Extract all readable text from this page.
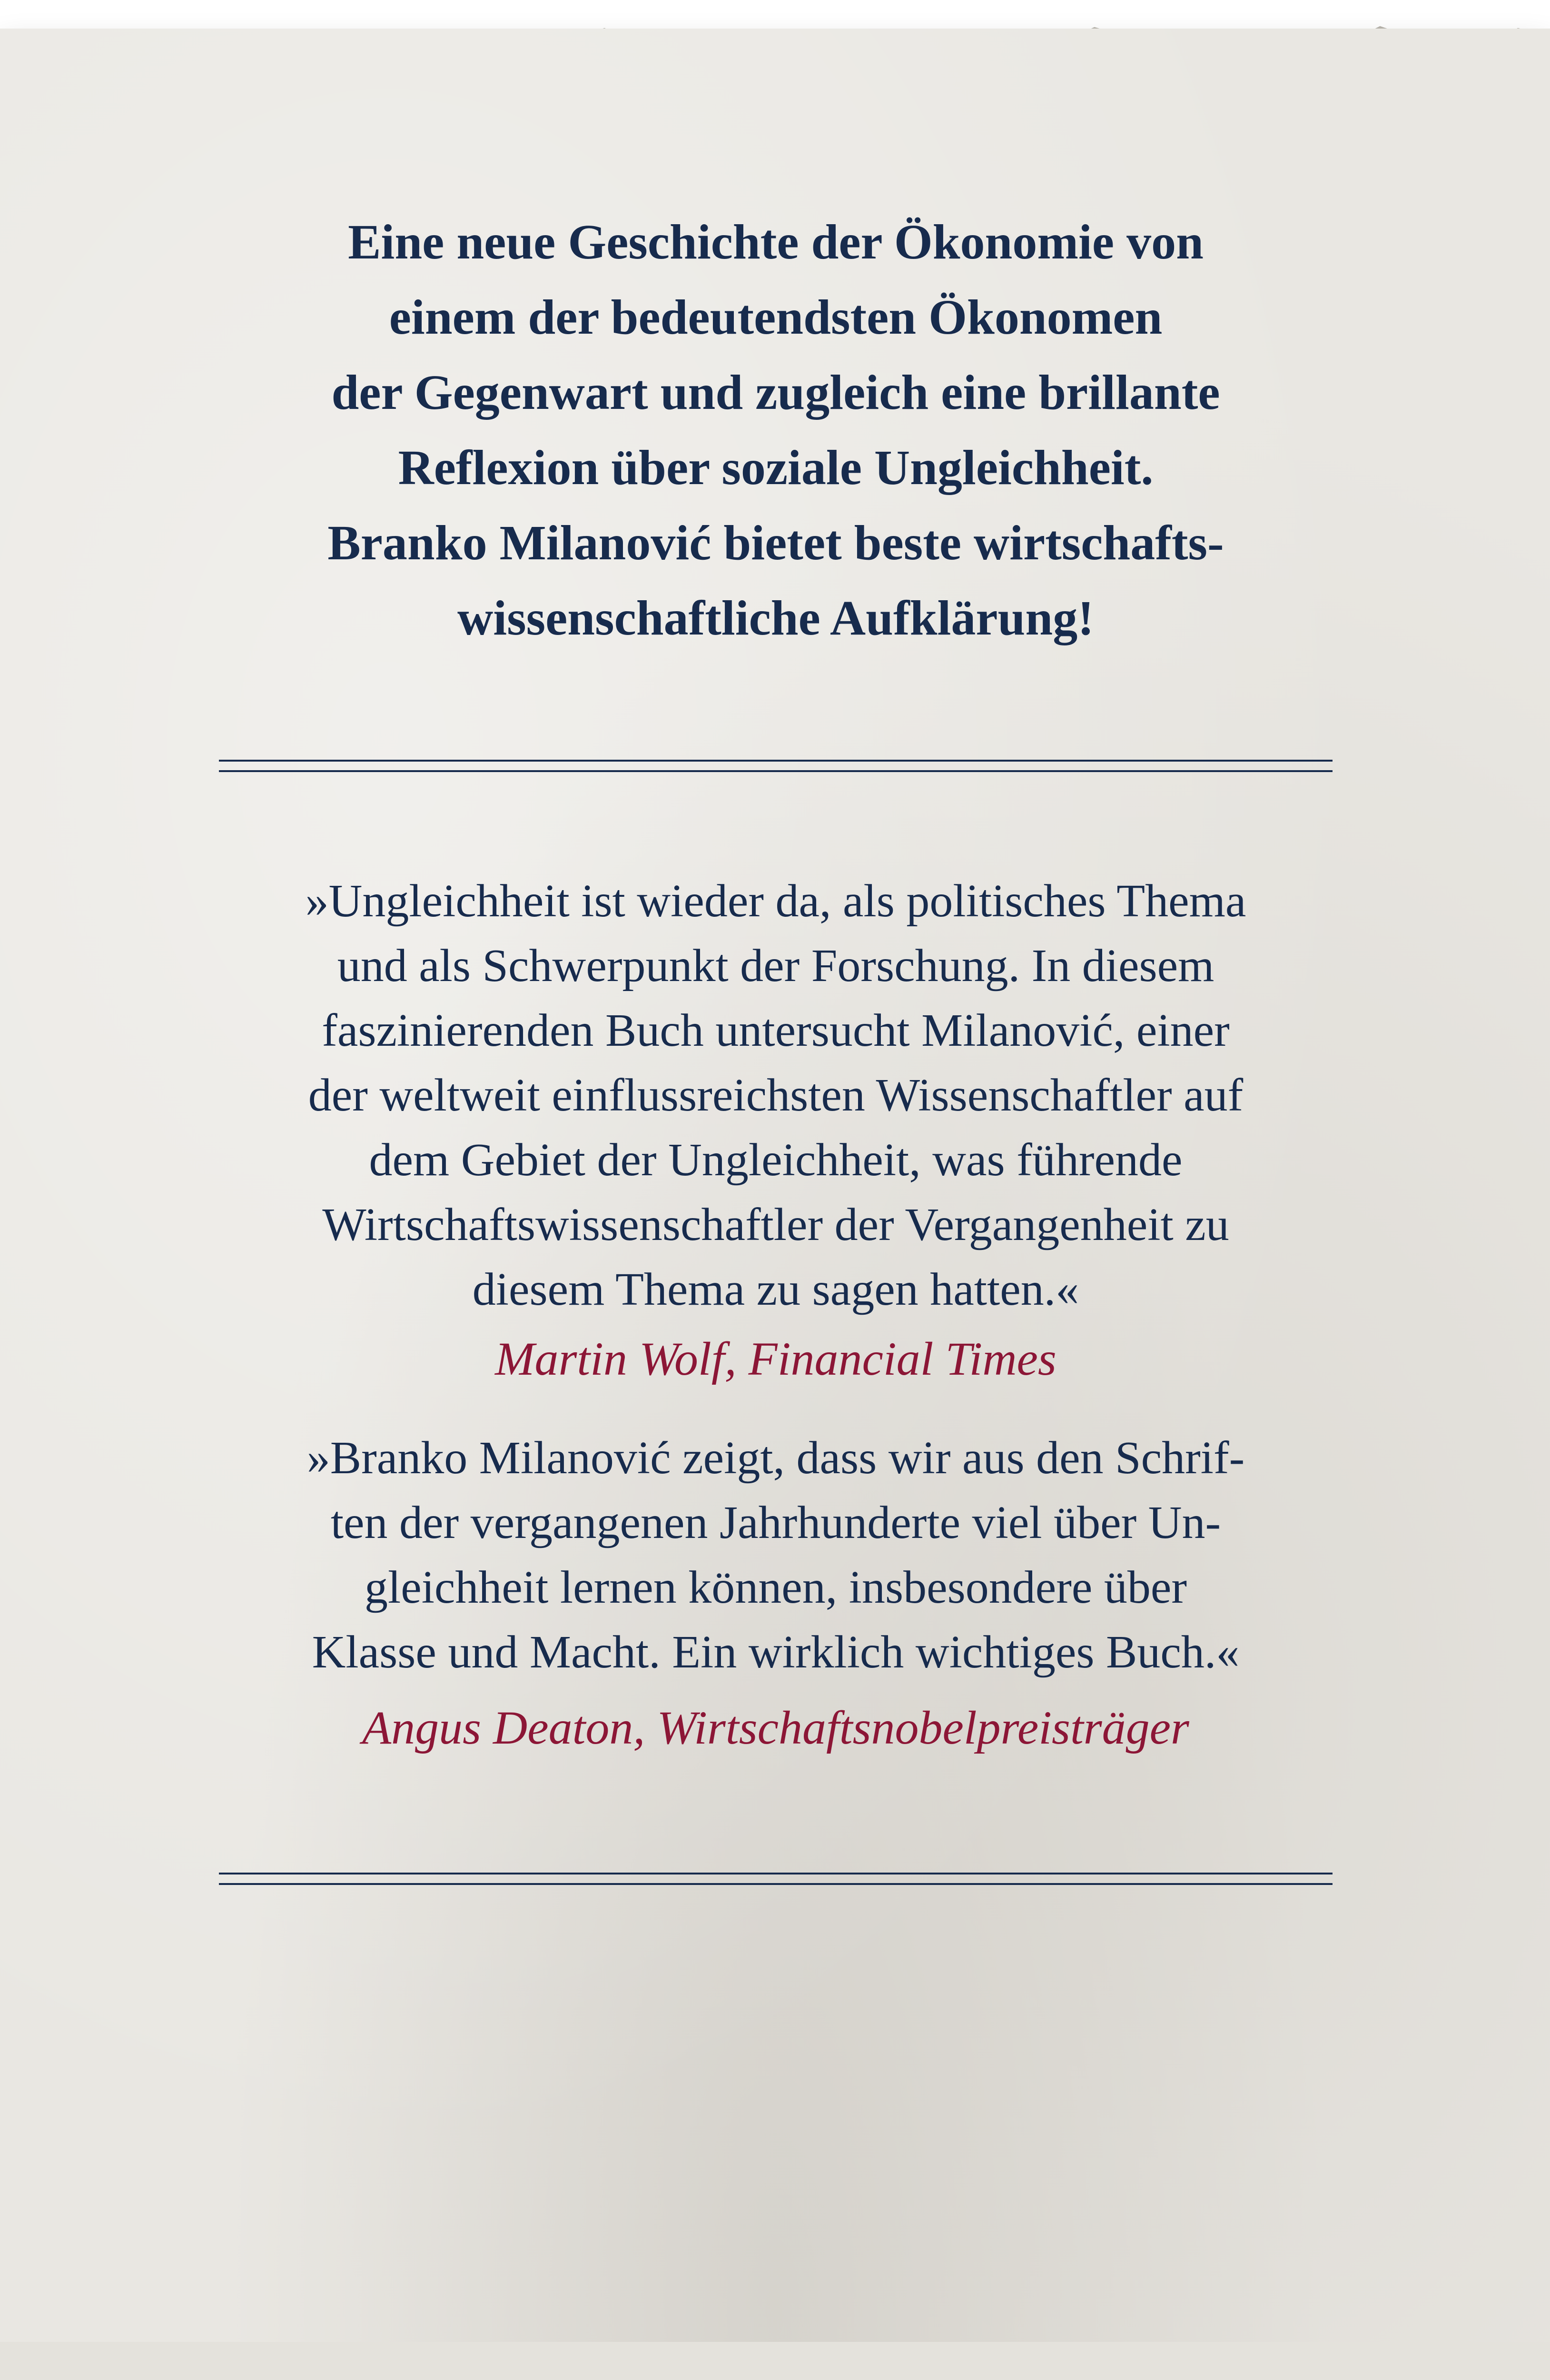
Eine neue Geschichte der Ökonomie von
einem der bedeutendsten Ökonomen
der Gegenwart und zugleich eine brillante
Reflexion über soziale Ungleichheit.
Branko Milanović bietet beste wirtschafts-
wissenschaftliche Aufklärung!

»Ungleichheit ist wieder da, als politisches Thema
und als Schwerpunkt der Forschung. In diesem
faszinierenden Buch untersucht Milanović, einer
der weltweit einflussreichsten Wissenschaftler auf
dem Gebiet der Ungleichheit, was führende
Wirtschaftswissenschaftler der Vergangenheit zu
diesem Thema zu sagen hatten.«

Martin Wolf, Financial Times

»Branko Milanović zeigt, dass wir aus den Schrif-
ten der vergangenen Jahrhunderte viel über Un-
gleichheit lernen können, insbesondere über
Klasse und Macht. Ein wirklich wichtiges Buch.«

Angus Deaton, Wirtschaftsnobelpreisträger
